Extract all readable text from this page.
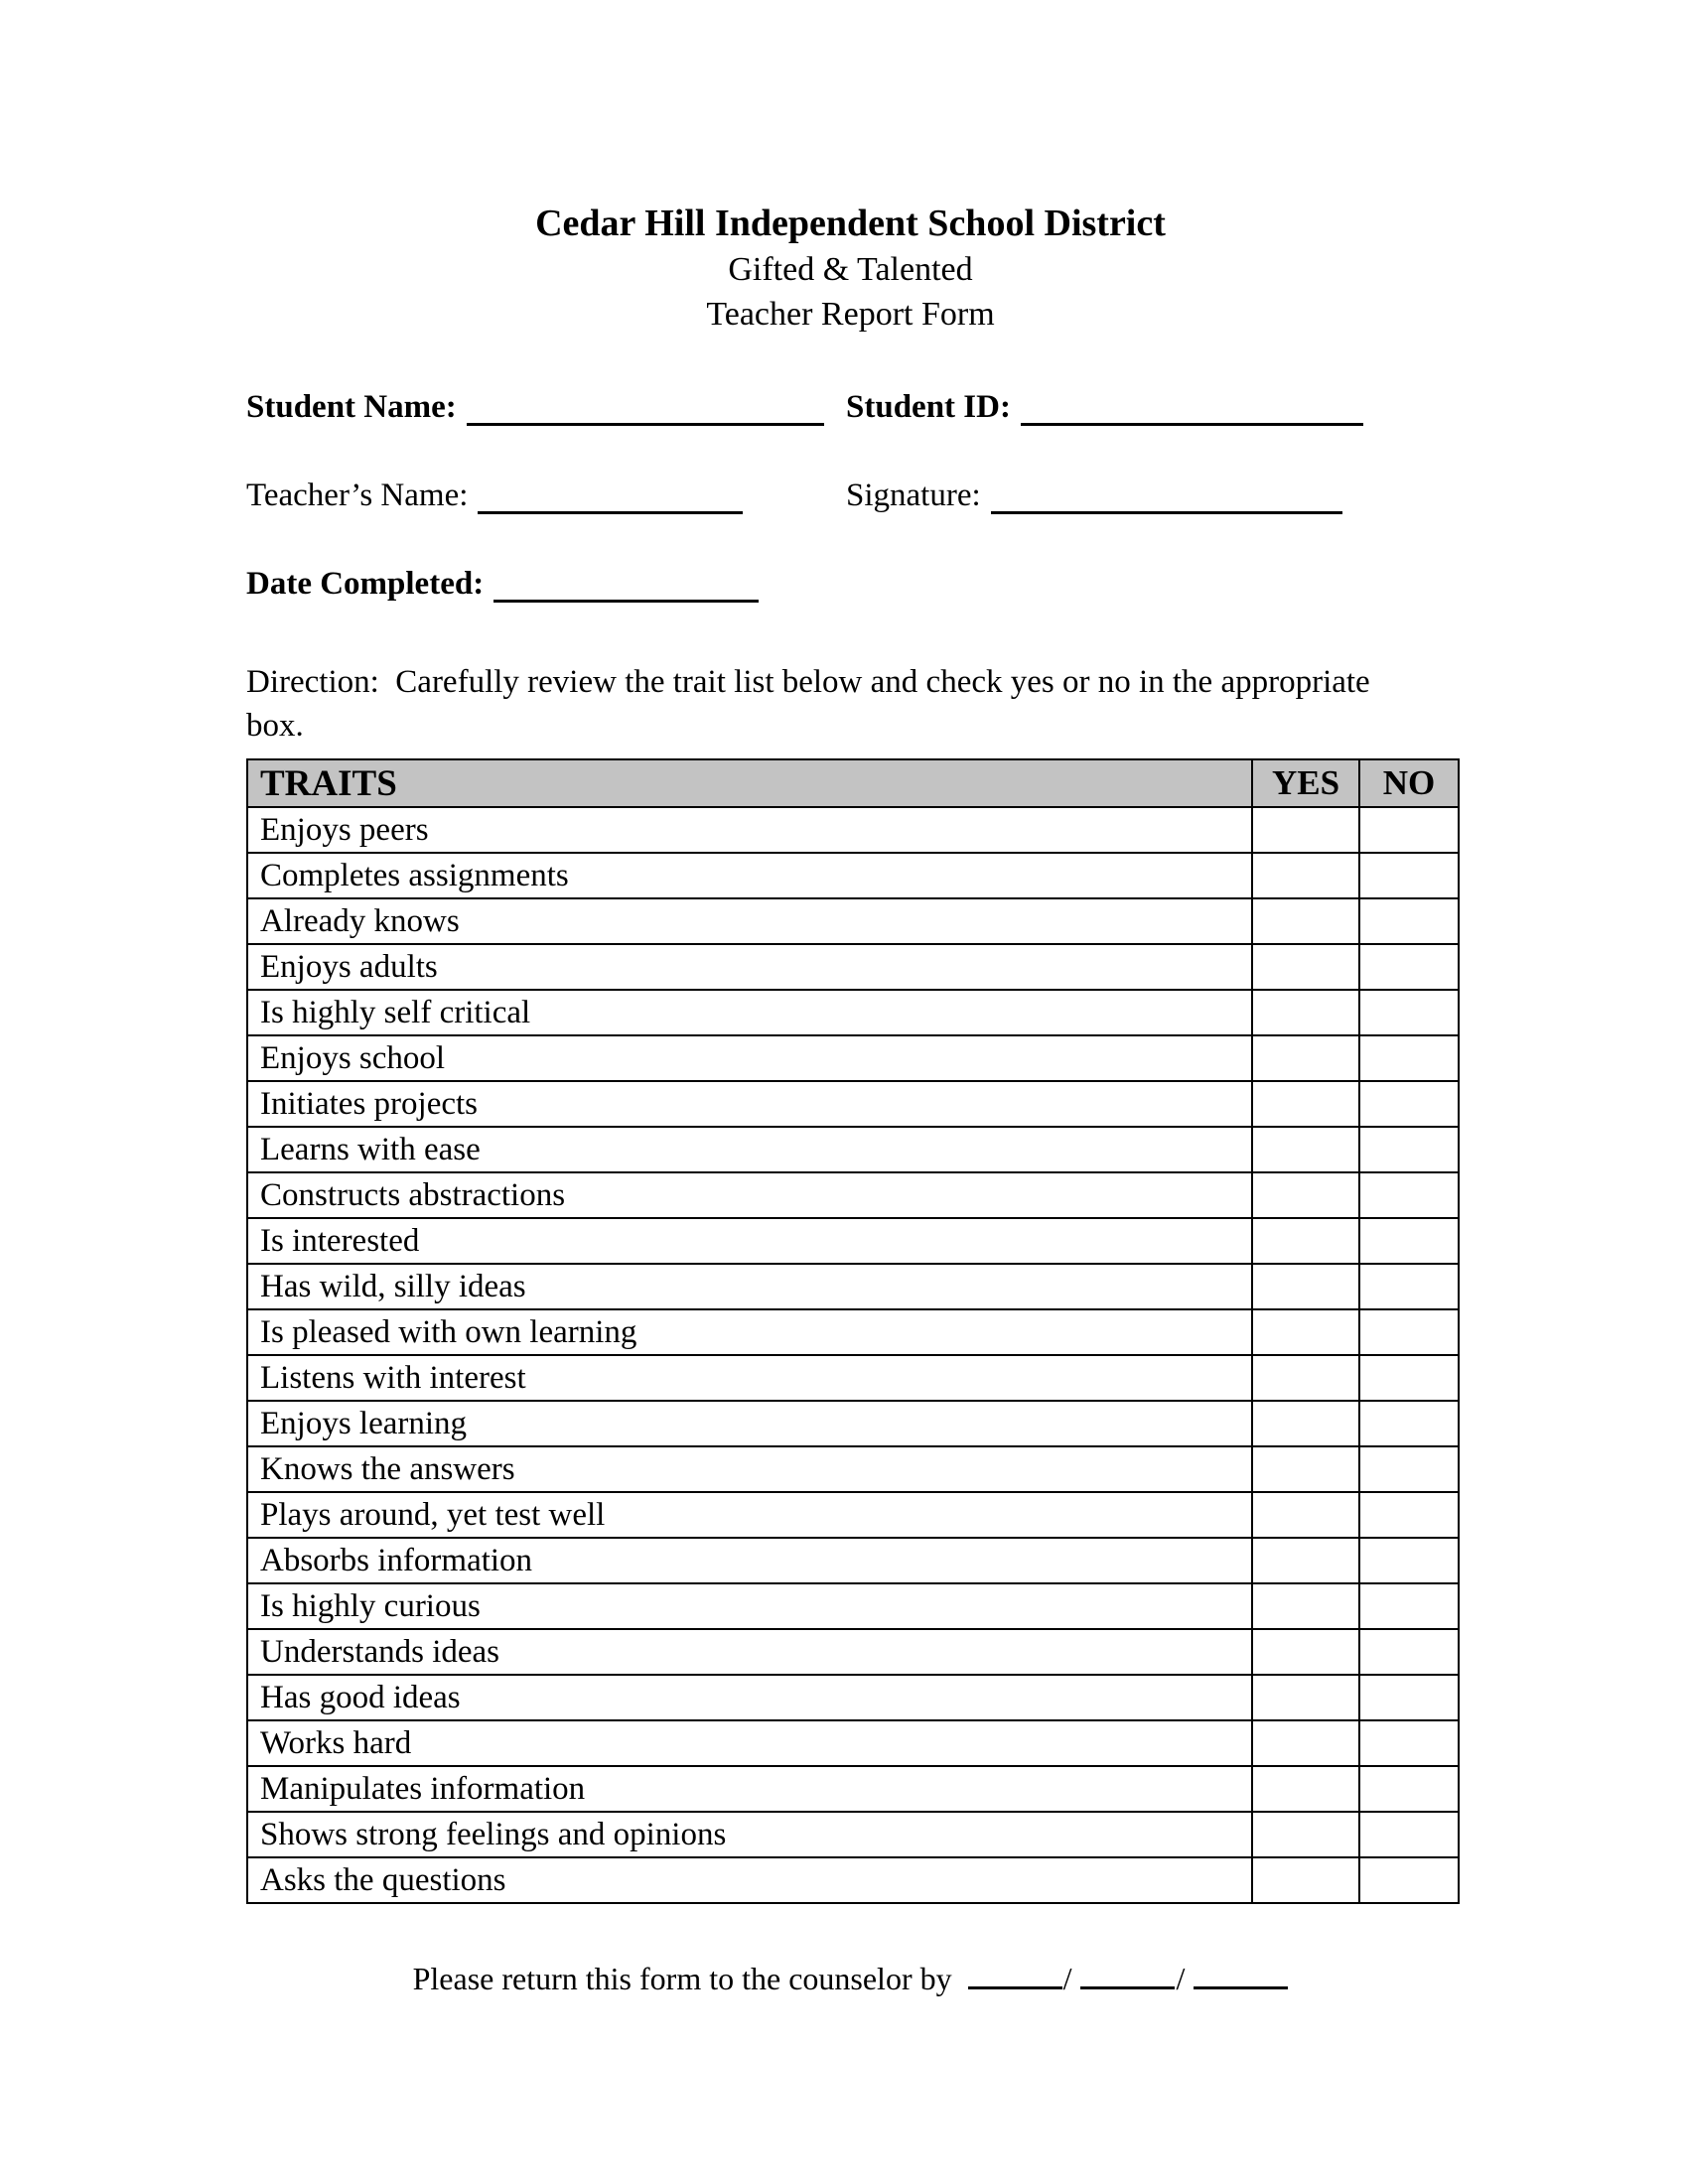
Cedar Hill Independent School District
Gifted & Talented
Teacher Report Form
Student Name:	Student ID:
Teacher’s Name:	Signature:
Date Completed:
Direction:  Carefully review the trait list below and check yes or no in the appropriate box.
TRAITS	YES	NO
Enjoys peers		
Completes assignments		
Already knows		
Enjoys adults		
Is highly self critical		
Enjoys school		
Initiates projects		
Learns with ease		
Constructs abstractions		
Is interested		
Has wild, silly ideas		
Is pleased with own learning		
Listens with interest		
Enjoys learning		
Knows the answers		
Plays around, yet test well		
Absorbs information		
Is highly curious		
Understands ideas		
Has good ideas		
Works hard		
Manipulates information		
Shows strong feelings and opinions		
Asks the questions		
Please return this form to the counselor by	/	/
